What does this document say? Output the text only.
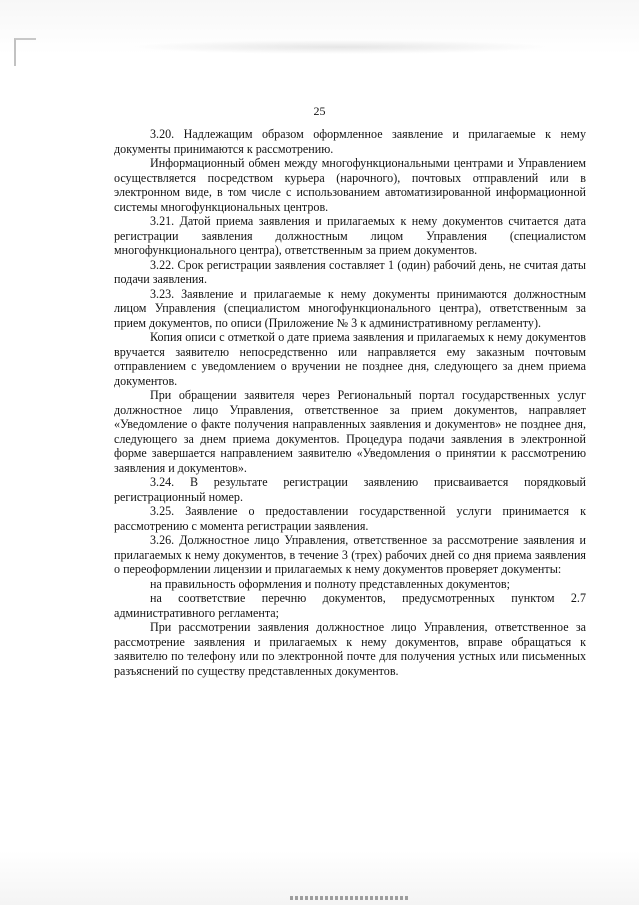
25

3.20. Надлежащим образом оформленное заявление и прилагаемые к нему документы принимаются к рассмотрению.

Информационный обмен между многофункциональными центрами и Управлением осуществляется посредством курьера (нарочного), почтовых отправлений или в электронном виде, в том числе с использованием автоматизированной информационной системы многофункциональных центров.

3.21. Датой приема заявления и прилагаемых к нему документов считается дата регистрации заявления должностным лицом Управления (специалистом многофункционального центра), ответственным за прием документов.

3.22. Срок регистрации заявления составляет 1 (один) рабочий день, не считая даты подачи заявления.

3.23. Заявление и прилагаемые к нему документы принимаются должностным лицом Управления (специалистом многофункционального центра), ответственным за прием документов, по описи (Приложение № 3 к административному регламенту).

Копия описи с отметкой о дате приема заявления и прилагаемых к нему документов вручается заявителю непосредственно или направляется ему заказным почтовым отправлением с уведомлением о вручении не позднее дня, следующего за днем приема документов.

При обращении заявителя через Региональный портал государственных услуг должностное лицо Управления, ответственное за прием документов, направляет «Уведомление о факте получения направленных заявления и документов» не позднее дня, следующего за днем приема документов. Процедура подачи заявления в электронной форме завершается направлением заявителю «Уведомления о принятии к рассмотрению заявления и документов».

3.24. В результате регистрации заявлению присваивается порядковый регистрационный номер.

3.25. Заявление о предоставлении государственной услуги принимается к рассмотрению с момента регистрации заявления.

3.26. Должностное лицо Управления, ответственное за рассмотрение заявления и прилагаемых к нему документов, в течение 3 (трех) рабочих дней со дня приема заявления о переоформлении лицензии и прилагаемых к нему документов проверяет документы:

на правильность оформления и полноту представленных документов;

на соответствие перечню документов, предусмотренных пунктом 2.7 административного регламента;

При рассмотрении заявления должностное лицо Управления, ответственное за рассмотрение заявления и прилагаемых к нему документов, вправе обращаться к заявителю по телефону или по электронной почте для получения устных или письменных разъяснений по существу представленных документов.
